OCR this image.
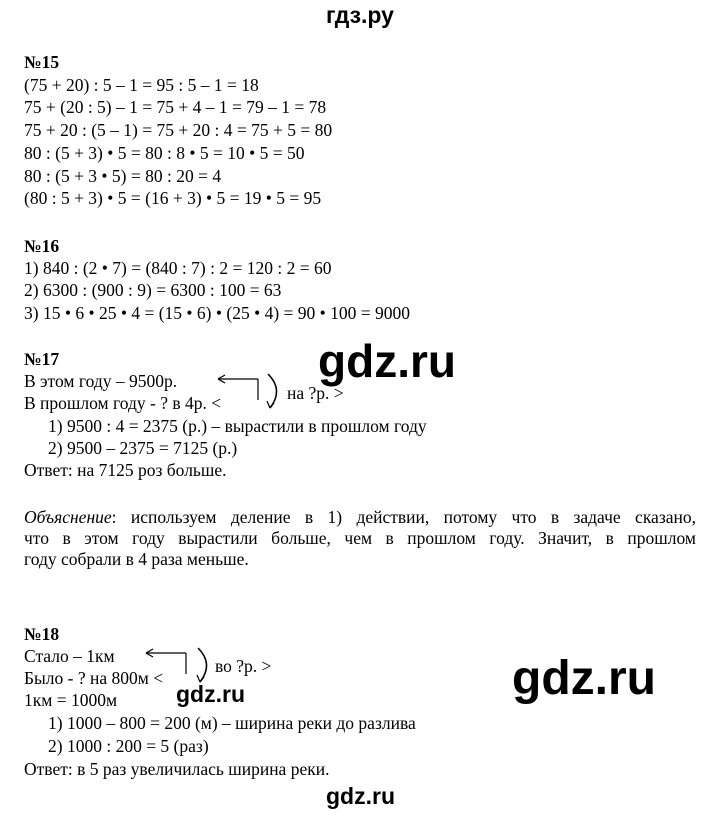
гдз.ру
№15
(75 + 20) : 5 – 1 = 95 : 5 – 1 = 18
75 + (20 : 5) – 1 = 75 + 4 – 1 = 79 – 1 = 78
75 + 20 : (5 – 1) = 75 + 20 : 4 = 75 + 5 = 80
80 : (5 + 3) • 5 = 80 : 8 • 5 = 10 • 5 = 50
80 : (5 + 3 • 5) = 80 : 20 = 4
(80 : 5 + 3) • 5 = (16 + 3) • 5 = 19 • 5 = 95
№16
1) 840 : (2 • 7) = (840 : 7) : 2 = 120 : 2 = 60
2) 6300 : (900 : 9) = 6300 : 100 = 63
3) 15 • 6 • 25 • 4 = (15 • 6) • (25 • 4) = 90 • 100 = 9000
№17
В этом году – 9500р.
В прошлом году - ? в 4р. <	на ?р. >
1) 9500 : 4 = 2375 (р.) – вырастили в прошлом году
2) 9500 – 2375 = 7125 (р.)
Ответ: на 7125 роз больше.
Объяснение: используем деление в 1) действии, потому что в задаче сказано,
что в этом году вырастили больше, чем в прошлом году. Значит, в прошлом
году собрали в 4 раза меньше.
№18
Стало – 1км
Было - ? на 800м <
во ?р. >
1км = 1000м
1) 1000 – 800 = 200 (м) – ширина реки до разлива
2) 1000 : 200 = 5 (раз)
Ответ: в 5 раз увеличилась ширина реки.
gdz.ru
gdz.ru
gdz.ru
gdz.ru
